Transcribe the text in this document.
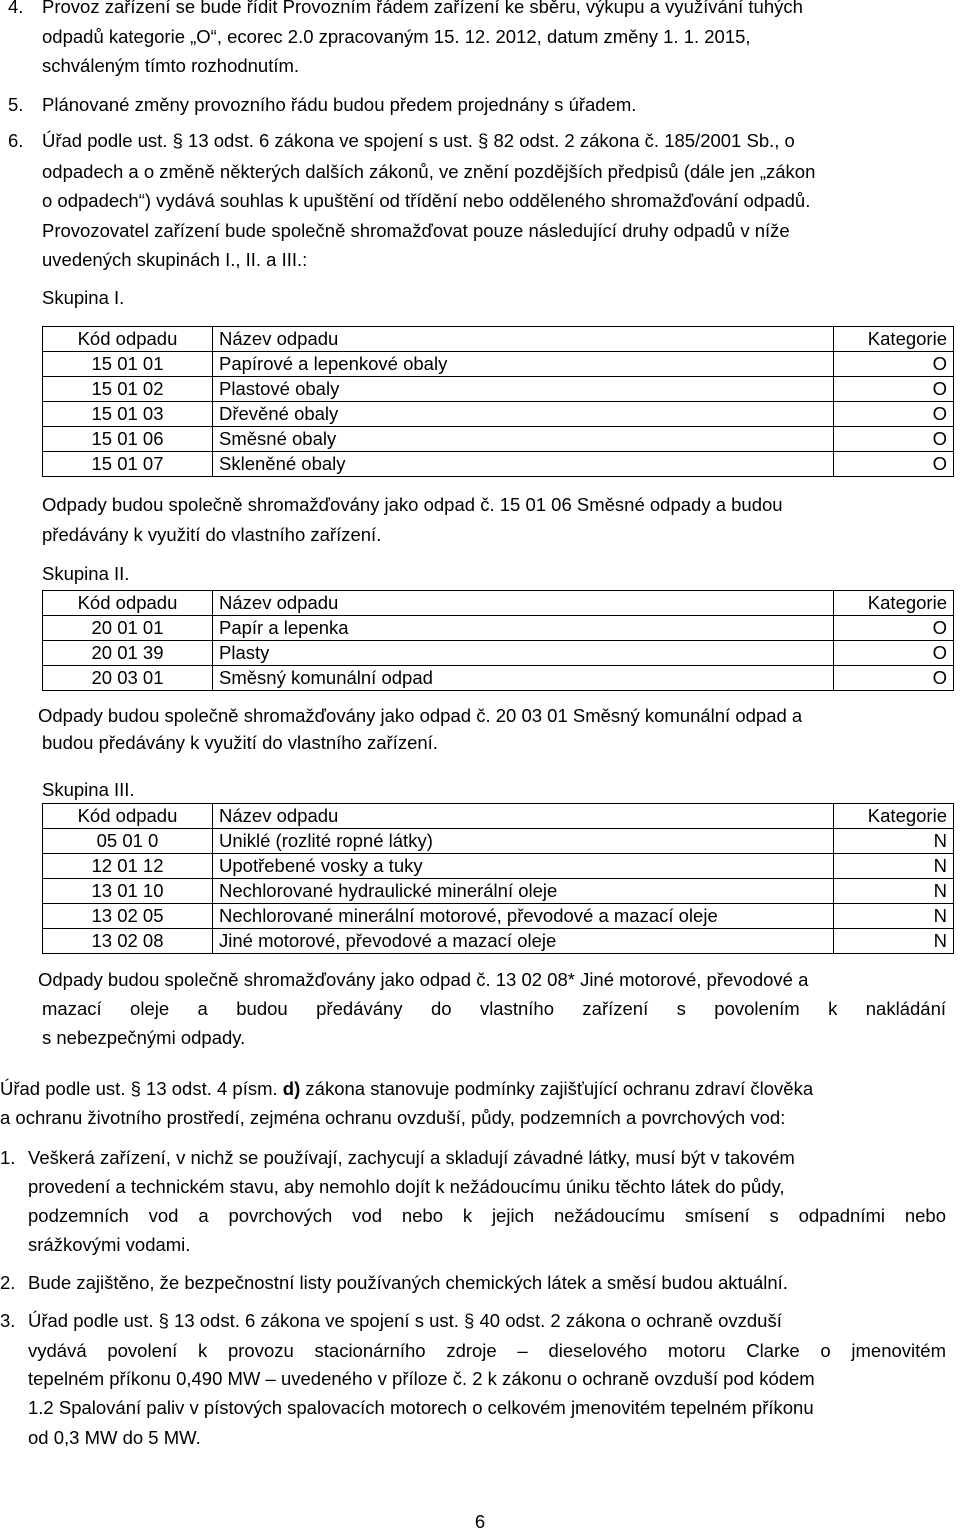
4. Provoz zařízení se bude řídit Provozním řádem zařízení ke sběru, výkupu a využívání tuhých
odpadů kategorie „O“, ecorec 2.0 zpracovaným 15. 12. 2012, datum změny 1. 1. 2015,
schváleným tímto rozhodnutím.
5. Plánované změny provozního řádu budou předem projednány s úřadem.
6. Úřad podle ust. § 13 odst. 6 zákona ve spojení s ust. § 82 odst. 2 zákona č. 185/2001 Sb., o
odpadech a o změně některých dalších zákonů, ve znění pozdějších předpisů (dále jen „zákon
o odpadech“) vydává souhlas k upuštění od třídění nebo odděleného shromažďování odpadů.
Provozovatel zařízení bude společně shromažďovat pouze následující druhy odpadů v níže
uvedených skupinách I., II. a III.:
Skupina I.
Kód odpadu	Název odpadu	Kategorie
15 01 01	Papírové a lepenkové obaly	O
15 01 02	Plastové obaly	O
15 01 03	Dřevěné obaly	O
15 01 06	Směsné obaly	O
15 01 07	Skleněné obaly	O
Odpady budou společně shromažďovány jako odpad č. 15 01 06 Směsné odpady a budou
předávány k využití do vlastního zařízení.
Skupina II.
Kód odpadu	Název odpadu	Kategorie
20 01 01	Papír a lepenka	O
20 01 39	Plasty	O
20 03 01	Směsný komunální odpad	O
Odpady budou společně shromažďovány jako odpad č. 20 03 01 Směsný komunální odpad a
budou předávány k využití do vlastního zařízení.
Skupina III.
Kód odpadu	Název odpadu	Kategorie
05 01 0	Uniklé (rozlité ropné látky)	N
12 01 12	Upotřebené vosky a tuky	N
13 01 10	Nechlorované hydraulické minerální oleje	N
13 02 05	Nechlorované minerální motorové, převodové a mazací oleje	N
13 02 08	Jiné motorové, převodové a mazací oleje	N
Odpady budou společně shromažďovány jako odpad č. 13 02 08* Jiné motorové, převodové a
mazací oleje a budou předávány do vlastního zařízení s povolením k nakládání
s nebezpečnými odpady.
Úřad podle ust. § 13 odst. 4 písm. d) zákona stanovuje podmínky zajišťující ochranu zdraví člověka
a ochranu životního prostředí, zejména ochranu ovzduší, půdy, podzemních a povrchových vod:
1. Veškerá zařízení, v nichž se používají, zachycují a skladují závadné látky, musí být v takovém
provedení a technickém stavu, aby nemohlo dojít k nežádoucímu úniku těchto látek do půdy,
podzemních vod a povrchových vod nebo k jejich nežádoucímu smísení s odpadními nebo
srážkovými vodami.
2. Bude zajištěno, že bezpečnostní listy používaných chemických látek a směsí budou aktuální.
3. Úřad podle ust. § 13 odst. 6 zákona ve spojení s ust. § 40 odst. 2 zákona o ochraně ovzduší
vydává povolení k provozu stacionárního zdroje – dieselového motoru Clarke o jmenovitém
tepelném příkonu 0,490 MW – uvedeného v příloze č. 2 k zákonu o ochraně ovzduší pod kódem
1.2 Spalování paliv v pístových spalovacích motorech o celkovém jmenovitém tepelném příkonu
od 0,3 MW do 5 MW.
6
